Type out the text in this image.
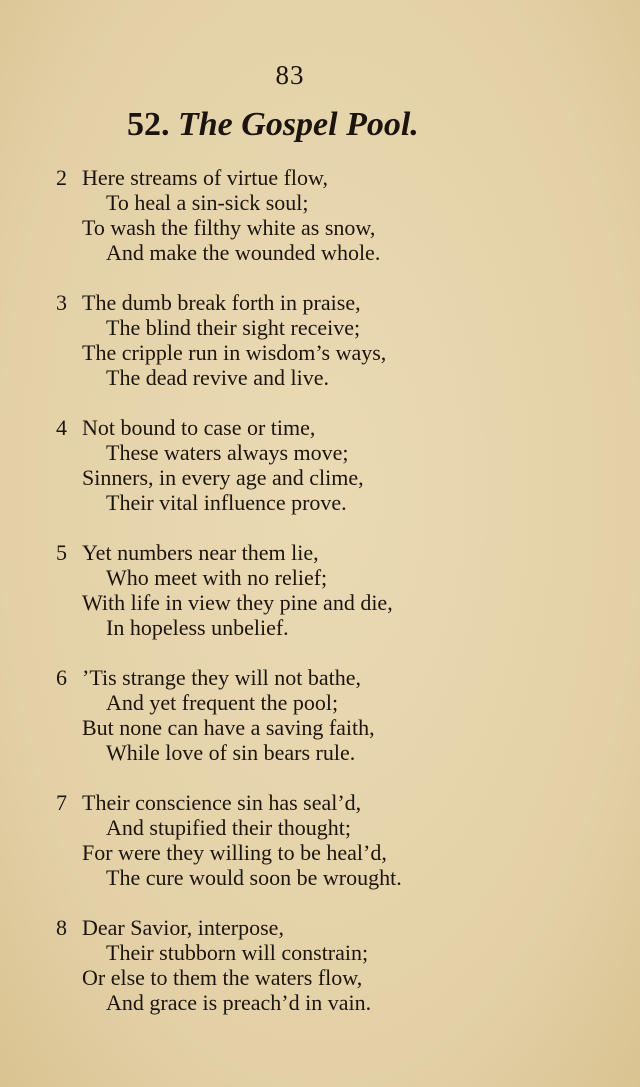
83
52. The Gospel Pool.
2 Here streams of virtue flow,
To heal a sin-sick soul;
To wash the filthy white as snow,
And make the wounded whole.
3 The dumb break forth in praise,
The blind their sight receive;
The cripple run in wisdom’s ways,
The dead revive and live.
4 Not bound to case or time,
These waters always move;
Sinners, in every age and clime,
Their vital influence prove.
5 Yet numbers near them lie,
Who meet with no relief;
With life in view they pine and die,
In hopeless unbelief.
6 ’Tis strange they will not bathe,
And yet frequent the pool;
But none can have a saving faith,
While love of sin bears rule.
7 Their conscience sin has seal’d,
And stupified their thought;
For were they willing to be heal’d,
The cure would soon be wrought.
8 Dear Savior, interpose,
Their stubborn will constrain;
Or else to them the waters flow,
And grace is preach’d in vain.
